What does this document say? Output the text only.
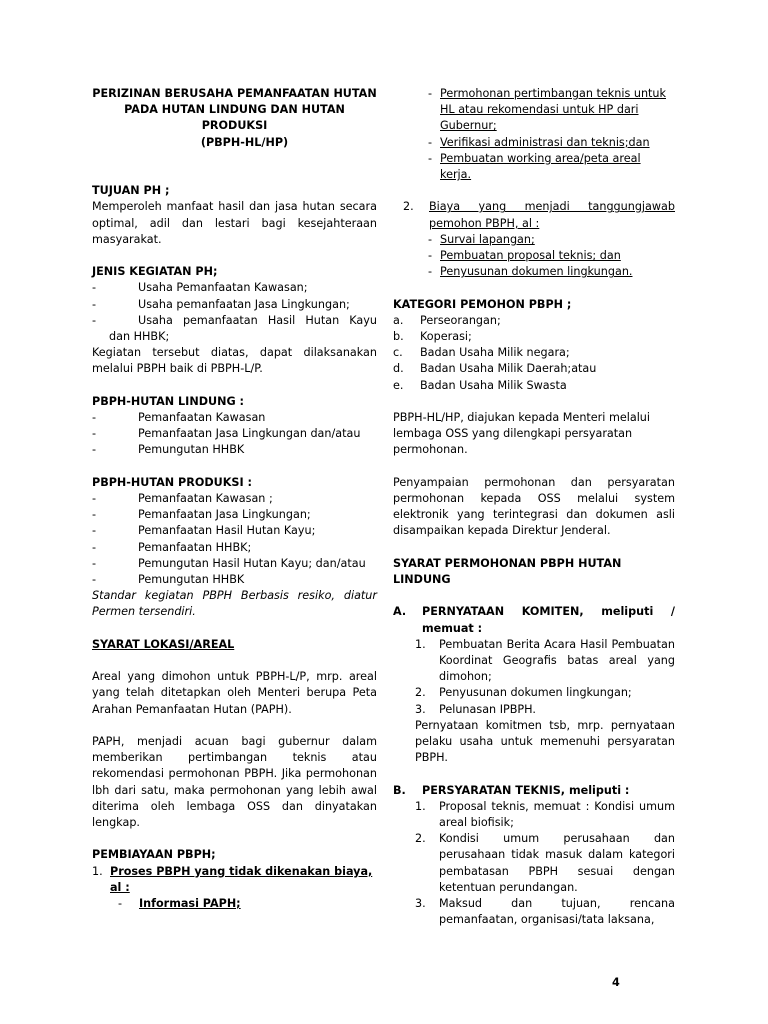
PERIZINAN BERUSAHA PEMANFAATAN HUTAN

PADA HUTAN LINDUNG DAN HUTAN PRODUKSI

(PBPH-HL/HP)

TUJUAN PH ;

Memperoleh manfaat hasil dan jasa hutan secara optimal, adil dan lestari bagi kesejahteraan masyarakat.

JENIS KEGIATAN PH;

-	Usaha Pemanfaatan Kawasan;
-	Usaha pemanfaatan Jasa Lingkungan;
-	Usaha pemanfaatan Hasil Hutan Kayu

dan HHBK;

Kegiatan tersebut diatas, dapat dilaksanakan melalui PBPH baik di PBPH-L/P.

PBPH-HUTAN LINDUNG :

-	Pemanfaatan Kawasan
-	Pemanfaatan Jasa Lingkungan dan/atau
-	Pemungutan HHBK

PBPH-HUTAN PRODUKSI :

-	Pemanfaatan Kawasan ;
-	Pemanfaatan Jasa Lingkungan;
-	Pemanfaatan Hasil Hutan Kayu;
-	Pemanfaatan HHBK;
-	Pemungutan Hasil Hutan Kayu; dan/atau
-	Pemungutan HHBK

Standar kegiatan PBPH Berbasis resiko, diatur Permen tersendiri.

SYARAT LOKASI/AREAL

Areal yang dimohon untuk PBPH-L/P, mrp. areal yang telah ditetapkan oleh Menteri berupa Peta Arahan Pemanfaatan Hutan (PAPH).

PAPH, menjadi acuan bagi gubernur dalam memberikan pertimbangan teknis atau rekomendasi permohonan PBPH. Jika permohonan lbh dari satu, maka permohonan yang lebih awal diterima oleh lembaga OSS dan dinyatakan lengkap.

PEMBIAYAAN PBPH;

1. Proses PBPH yang tidak dikenakan biaya, al :
-	Informasi PAPH;
- Permohonan pertimbangan teknis untuk HL atau rekomendasi untuk HP dari Gubernur;
- Verifikasi administrasi dan teknis;dan
- Pembuatan working area/peta areal kerja.
2.	Biaya yang menjadi tanggungjawab pemohon PBPH, al :
- Survai lapangan;
- Pembuatan proposal teknis; dan
- Penyusunan dokumen lingkungan.

KATEGORI PEMOHON PBPH ;

a.	Perseorangan;
b.	Koperasi;
c.	Badan Usaha Milik negara;
d.	Badan Usaha Milik Daerah;atau
e.	Badan Usaha Milik Swasta

PBPH-HL/HP, diajukan kepada Menteri melalui lembaga OSS yang dilengkapi persyaratan permohonan.

Penyampaian permohonan dan persyaratan permohonan kepada OSS melalui system elektronik yang terintegrasi dan dokumen asli disampaikan kepada Direktur Jenderal.

SYARAT PERMOHONAN PBPH HUTAN LINDUNG

A.	PERNYATAAN KOMITEN, meliputi / memuat :
1.	Pembuatan Berita Acara Hasil Pembuatan Koordinat Geografis batas areal yang dimohon;
2.	Penyusunan dokumen lingkungan;
3.	Pelunasan IPBPH.

Pernyataan komitmen tsb, mrp. pernyataan pelaku usaha untuk memenuhi persyaratan PBPH.

B.	PERSYARATAN TEKNIS, meliputi :
1.	Proposal teknis, memuat : Kondisi umum areal biofisik;
2.	Kondisi umum perusahaan dan perusahaan tidak masuk dalam kategori pembatasan PBPH sesuai dengan ketentuan perundangan.
3.	Maksud dan tujuan, rencana pemanfaatan, organisasi/tata laksana,
4
